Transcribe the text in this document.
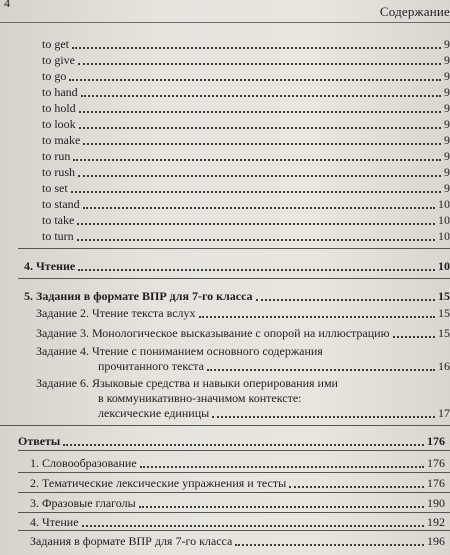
4
Содержание
to get	9
to give	9
to go	9
to hand	9
to hold	9
to look	9
to make	9
to run	9
to rush	9
to set	9
to stand	10
to take	10
to turn	10
4. Чтение	10
5. Задания в формате ВПР для 7-го класса	15
Задание 2. Чтение текста вслух	15
Задание 3. Монологическое высказывание с опорой на иллюстрацию	15
Задание 4. Чтение с пониманием основного содержания
прочитанного текста	16
Задание 6. Языковые средства и навыки оперирования ими
в коммуникативно-значимом контексте:
лексические единицы	17
Ответы	176
1. Словообразование	176
2. Тематические лексические упражнения и тесты	176
3. Фразовые глаголы	190
4. Чтение	192
Задания в формате ВПР для 7-го класса	196
